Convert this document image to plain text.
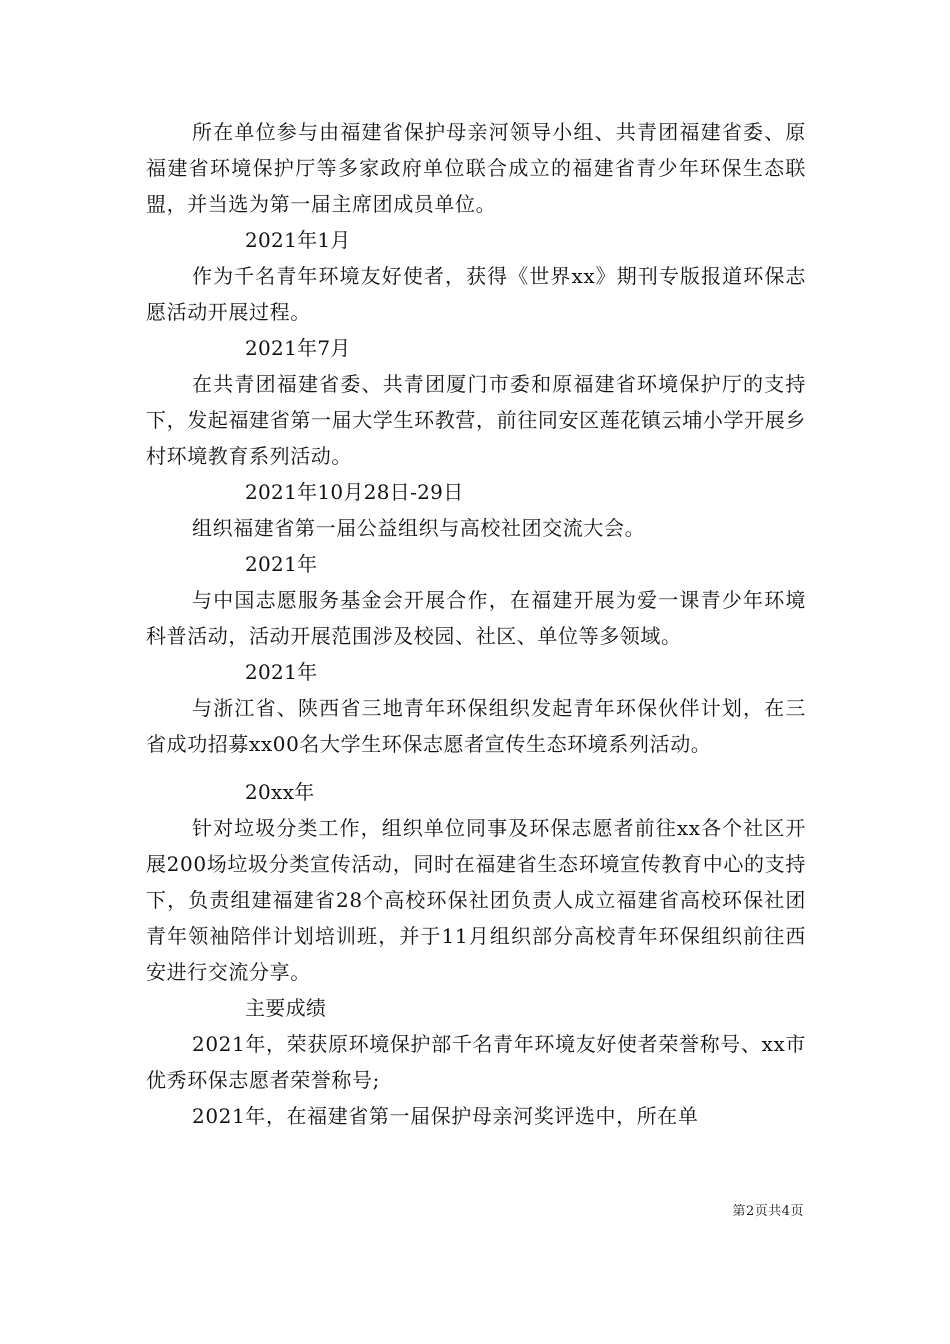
所在单位参与由福建省保护母亲河领导小组、共青团福建省委、原福建省环境保护厅等多家政府单位联合成立的福建省青少年环保生态联盟，并当选为第一届主席团成员单位。

2021年1月

作为千名青年环境友好使者，获得《世界xx》期刊专版报道环保志愿活动开展过程。

2021年7月

在共青团福建省委、共青团厦门市委和原福建省环境保护厅的支持下，发起福建省第一届大学生环教营，前往同安区莲花镇云埔小学开展乡村环境教育系列活动。

2021年10月28日-29日

组织福建省第一届公益组织与高校社团交流大会。

2021年

与中国志愿服务基金会开展合作，在福建开展为爱一课青少年环境科普活动，活动开展范围涉及校园、社区、单位等多领域。

2021年

与浙江省、陕西省三地青年环保组织发起青年环保伙伴计划，在三省成功招募xx00名大学生环保志愿者宣传生态环境系列活动。

20xx年

针对垃圾分类工作，组织单位同事及环保志愿者前往xx各个社区开展200场垃圾分类宣传活动，同时在福建省生态环境宣传教育中心的支持下，负责组建福建省28个高校环保社团负责人成立福建省高校环保社团青年领袖陪伴计划培训班，并于11月组织部分高校青年环保组织前往西安进行交流分享。

主要成绩

2021年，荣获原环境保护部千名青年环境友好使者荣誉称号、xx市优秀环保志愿者荣誉称号;

2021年，在福建省第一届保护母亲河奖评选中，所在单

第2页共4页
